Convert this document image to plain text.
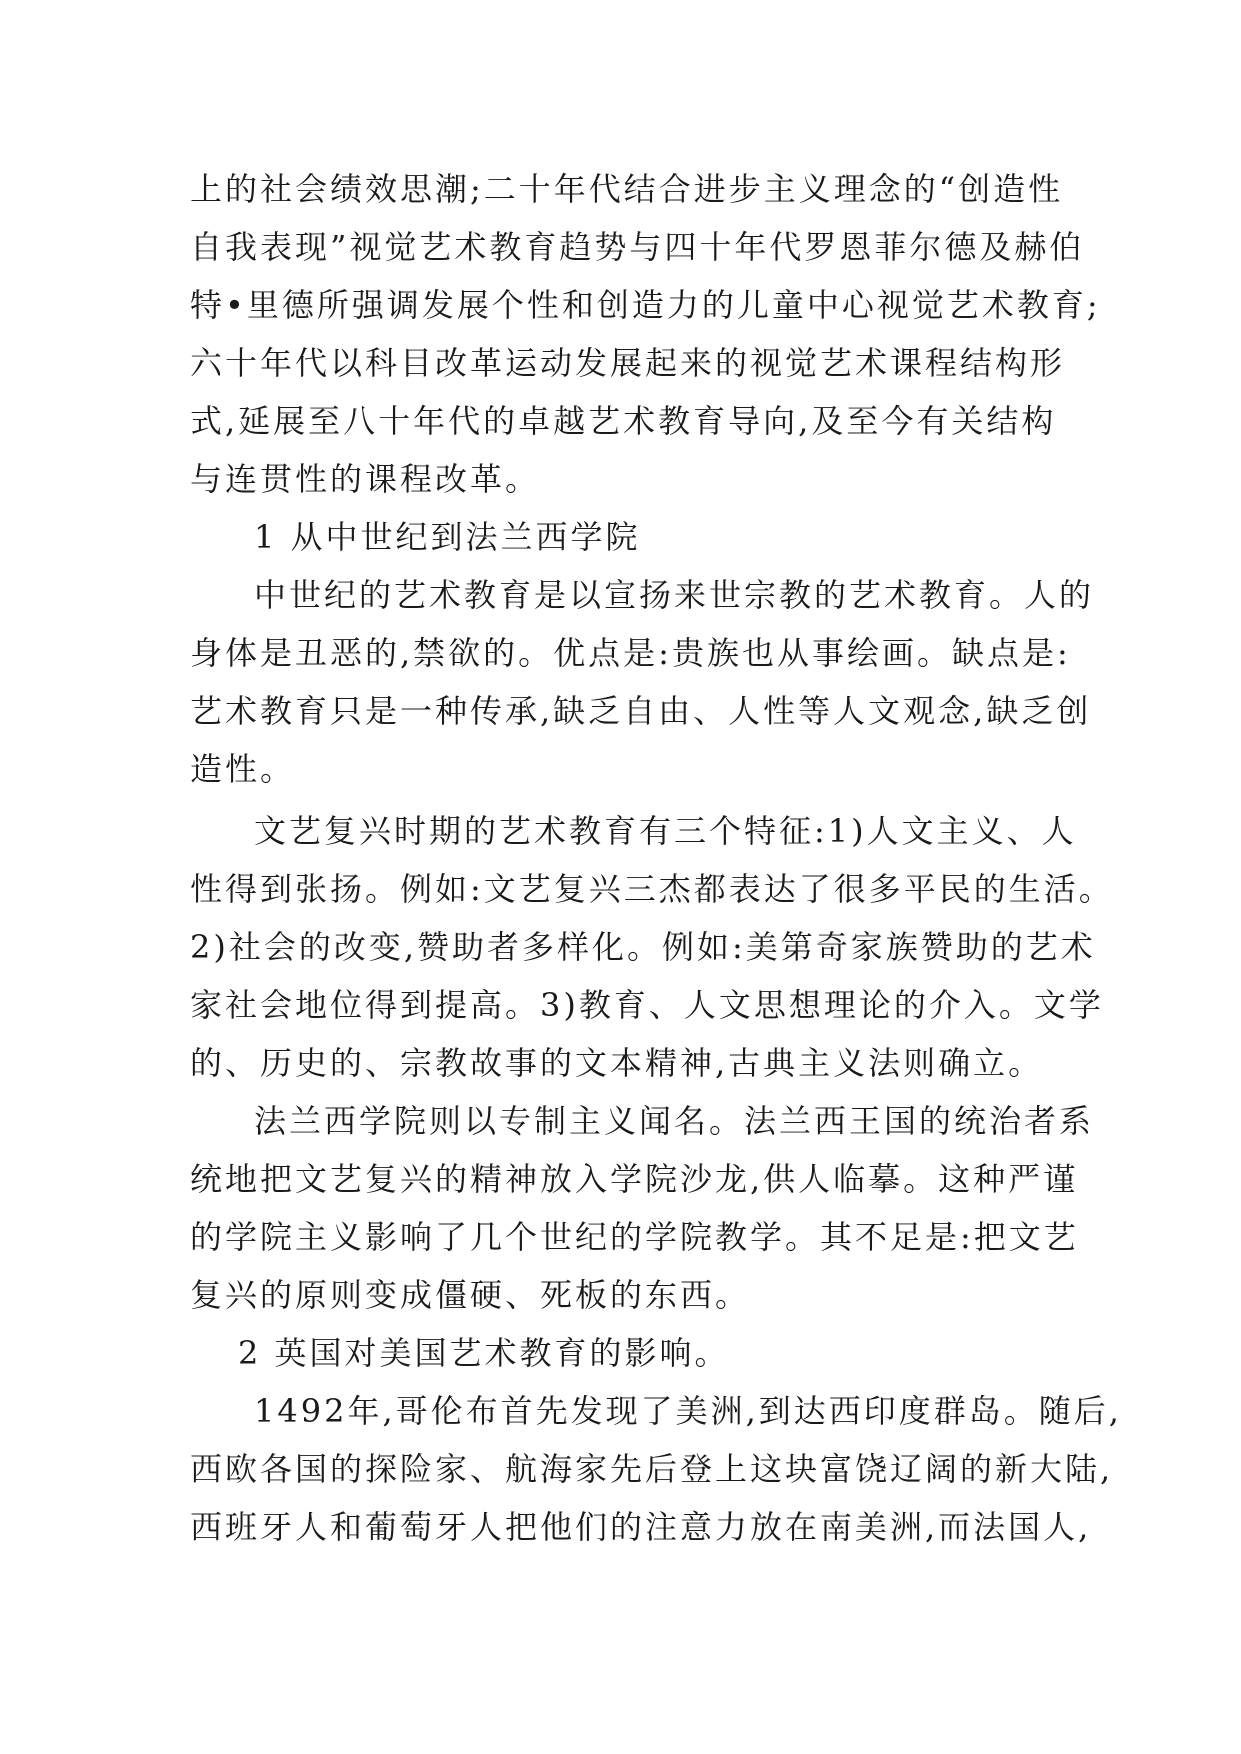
上的社会绩效思潮;二十年代结合进步主义理念的“创造性
自我表现”视觉艺术教育趋势与四十年代罗恩菲尔德及赫伯
特•里德所强调发展个性和创造力的儿童中心视觉艺术教育;
六十年代以科目改革运动发展起来的视觉艺术课程结构形
式,延展至八十年代的卓越艺术教育导向,及至今有关结构
与连贯性的课程改革。
1 从中世纪到法兰西学院
中世纪的艺术教育是以宣扬来世宗教的艺术教育。人的
身体是丑恶的,禁欲的。优点是:贵族也从事绘画。缺点是:
艺术教育只是一种传承,缺乏自由、人性等人文观念,缺乏创
造性。
文艺复兴时期的艺术教育有三个特征:1)人文主义、人
性得到张扬。例如:文艺复兴三杰都表达了很多平民的生活。
2)社会的改变,赞助者多样化。例如:美第奇家族赞助的艺术
家社会地位得到提高。3)教育、人文思想理论的介入。文学
的、历史的、宗教故事的文本精神,古典主义法则确立。
法兰西学院则以专制主义闻名。法兰西王国的统治者系
统地把文艺复兴的精神放入学院沙龙,供人临摹。这种严谨
的学院主义影响了几个世纪的学院教学。其不足是:把文艺
复兴的原则变成僵硬、死板的东西。
2 英国对美国艺术教育的影响。
1492年,哥伦布首先发现了美洲,到达西印度群岛。随后,
西欧各国的探险家、航海家先后登上这块富饶辽阔的新大陆,
西班牙人和葡萄牙人把他们的注意力放在南美洲,而法国人,
